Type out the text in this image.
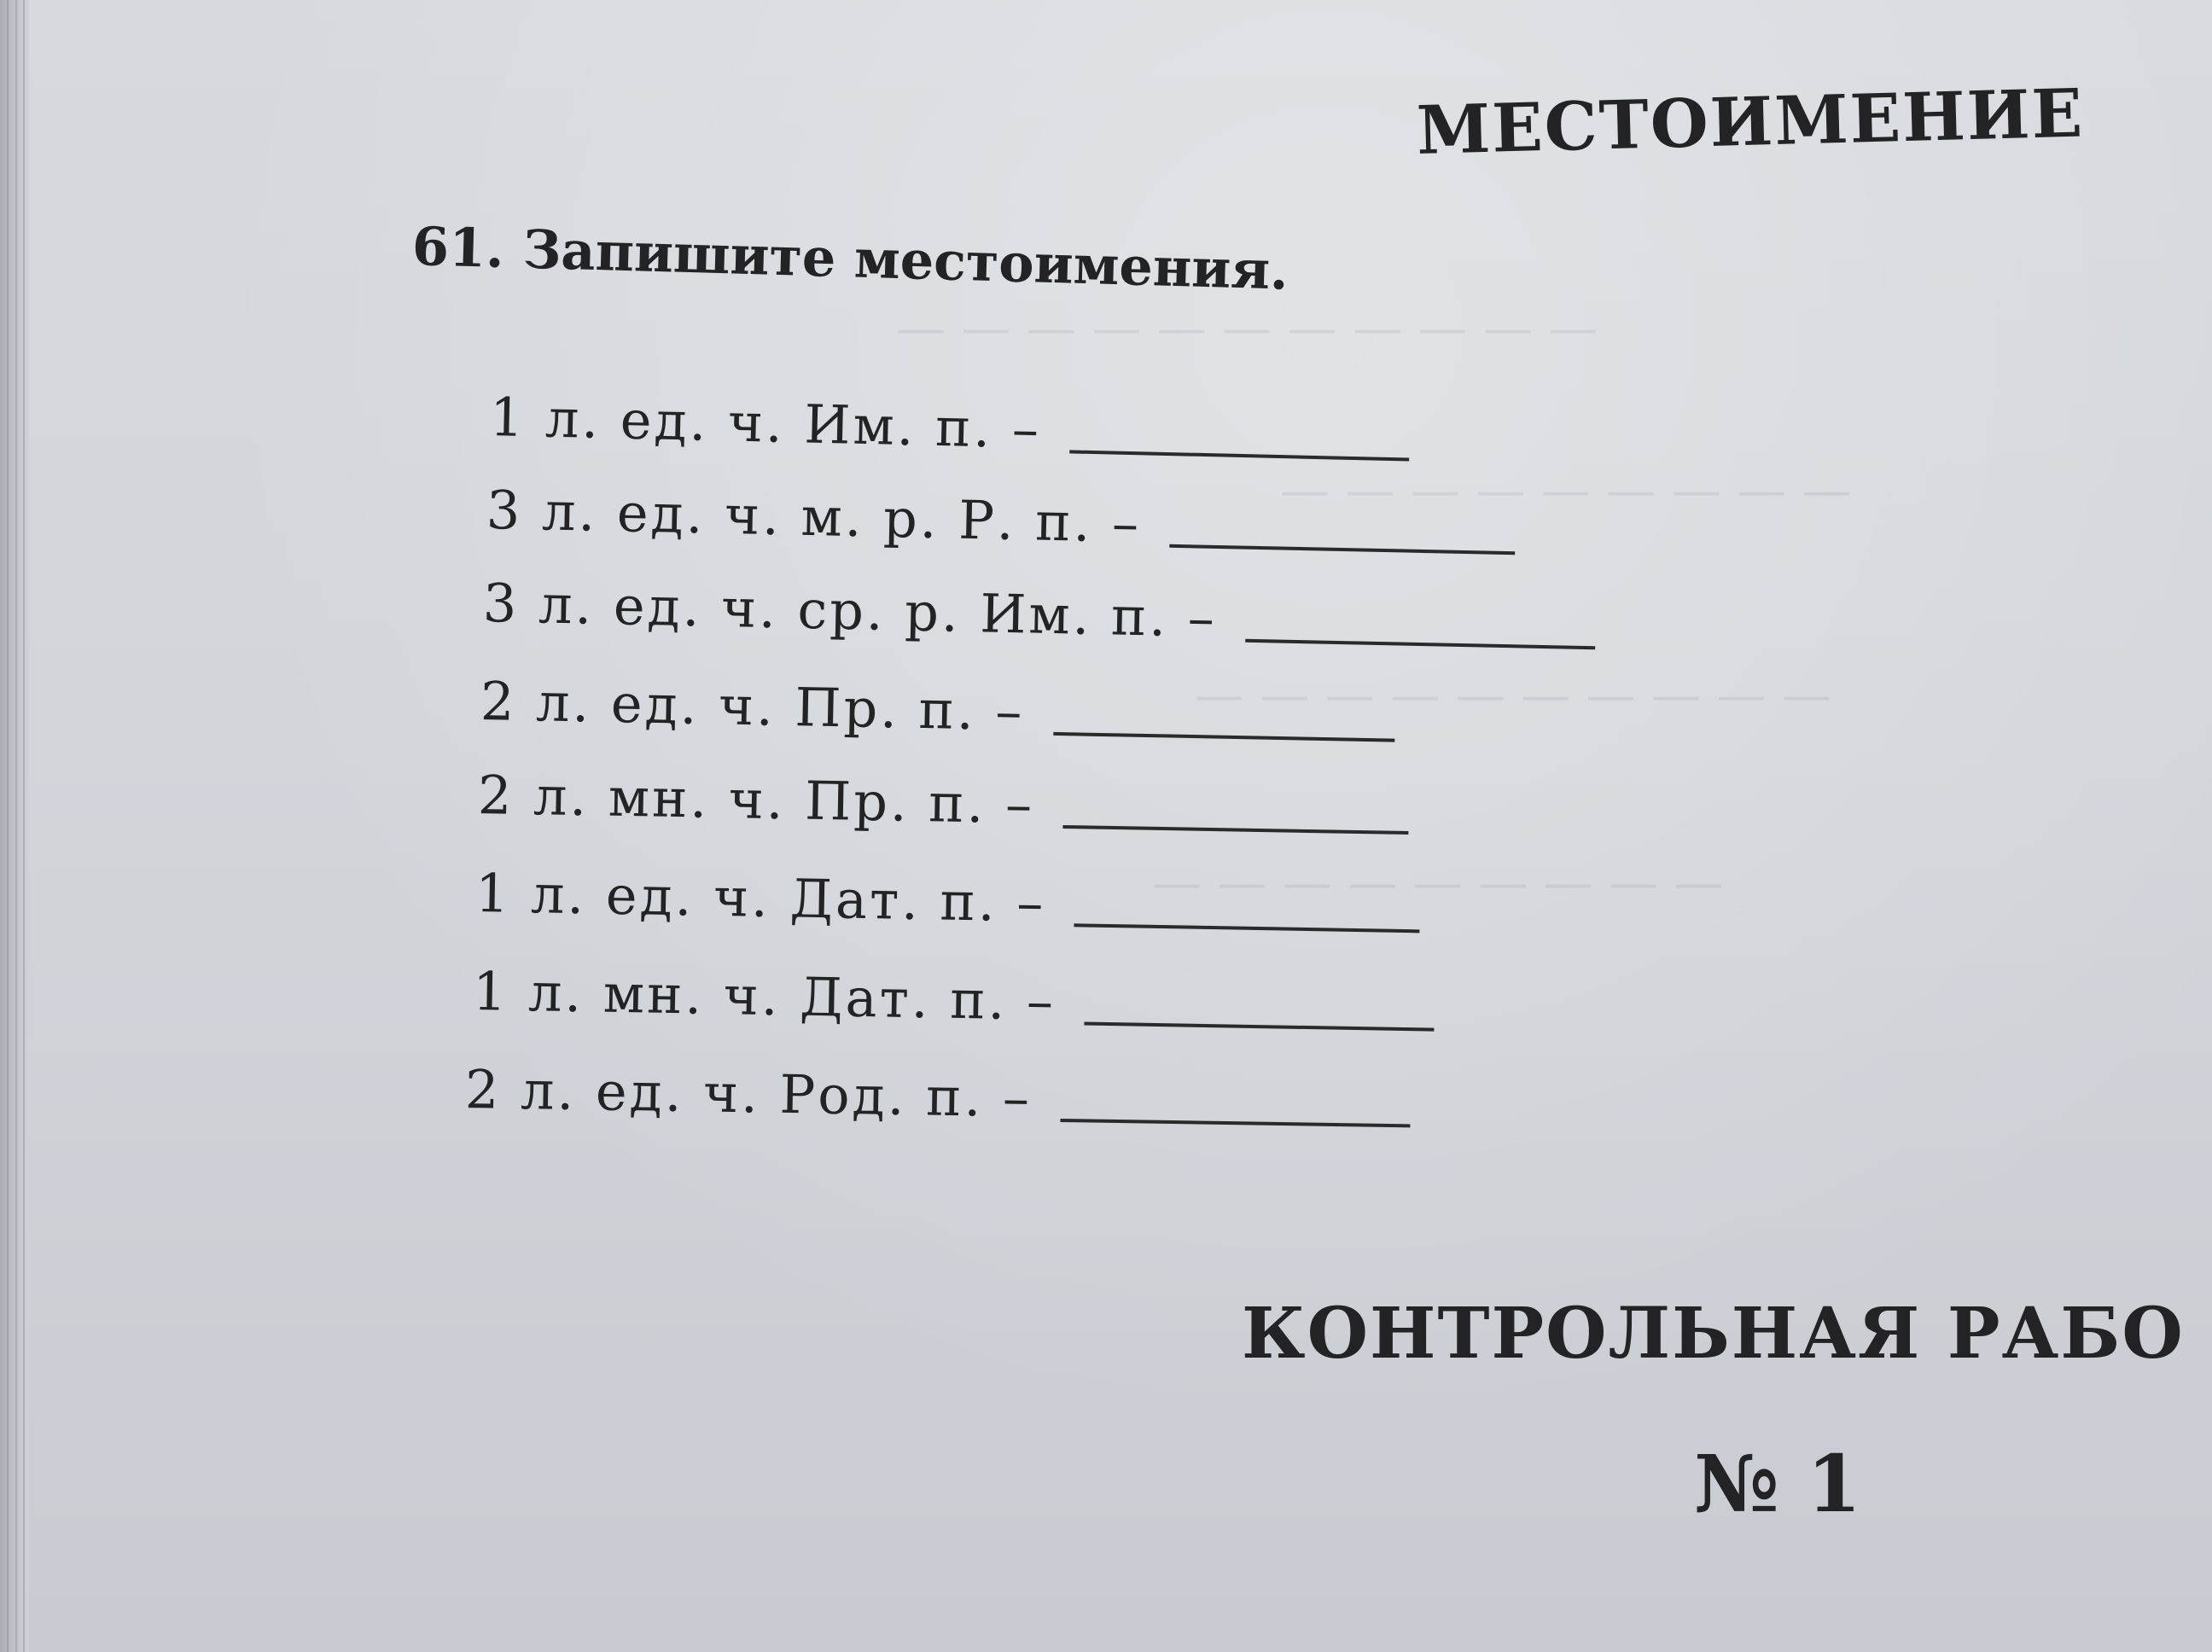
— — — — — — — — — — —
— — — — — — — — —
— — — — — — — — — —
— — — — — — — — —
МЕСТОИМЕНИЕ
61. Запишите местоимения.
1 л. ед. ч. Им. п. –
3 л. ед. ч. м. р. Р. п. –
3 л. ед. ч. ср. р. Им. п. –
2 л. ед. ч. Пр. п. –
2 л. мн. ч. Пр. п. –
1 л. ед. ч. Дат. п. –
1 л. мн. ч. Дат. п. –
2 л. ед. ч. Род. п. –
КОНТРОЛЬНАЯ РАБО
№ 1
